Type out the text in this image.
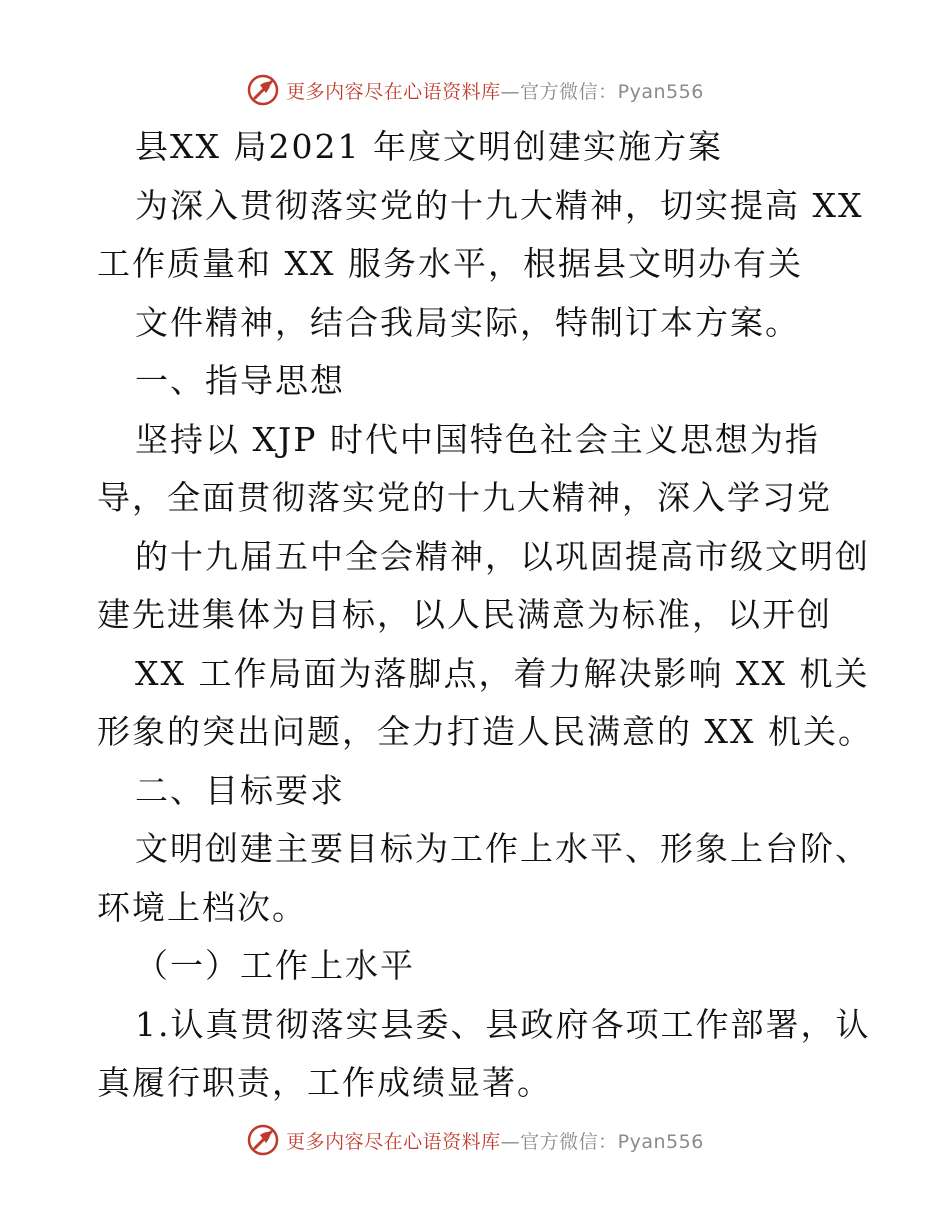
更多内容尽在心语资料库—官方微信：Pyan556
县XX 局2021 年度文明创建实施方案
为深入贯彻落实党的十九大精神，切实提高 XX
工作质量和 XX 服务水平，根据县文明办有关
文件精神，结合我局实际，特制订本方案。
一、指导思想
坚持以 XJP 时代中国特色社会主义思想为指
导，全面贯彻落实党的十九大精神，深入学习党
的十九届五中全会精神，以巩固提高市级文明创
建先进集体为目标，以人民满意为标准，以开创
XX 工作局面为落脚点，着力解决影响 XX 机关
形象的突出问题，全力打造人民满意的 XX 机关。
二、目标要求
文明创建主要目标为工作上水平、形象上台阶、
环境上档次。
（一）工作上水平
1.认真贯彻落实县委、县政府各项工作部署，认
真履行职责，工作成绩显著。
更多内容尽在心语资料库—官方微信：Pyan556
